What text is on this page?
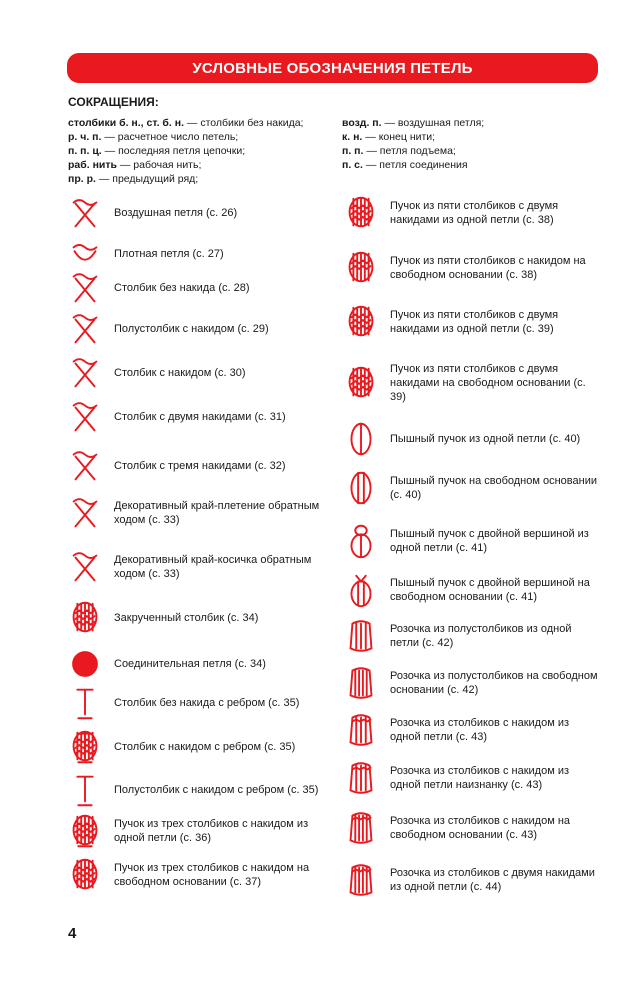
УСЛОВНЫЕ ОБОЗНАЧЕНИЯ ПЕТЕЛЬ
СОКРАЩЕНИЯ:
столбики б. н., ст. б. н. — столбики без накида;
р. ч. п. — расчетное число петель;
п. п. ц. — последняя петля цепочки;
раб. нить — рабочая нить;
пр. р. — предыдущий ряд;
возд. п. — воздушная петля;
к. н. — конец нити;
п. п. — петля подъема;
п. с. — петля соединения
Воздушная петля (с. 26)
Плотная петля (с. 27)
Столбик без накида (с. 28)
Полустолбик с накидом (с. 29)
Столбик с накидом (с. 30)
Столбик с двумя накидами (с. 31)
Столбик с тремя накидами (с. 32)
Декоративный край-плетение обратным ходом (с. 33)
Декоративный край-косичка обратным ходом (с. 33)
Закрученный столбик (с. 34)
Соединительная петля (с. 34)
Столбик без накида с ребром (с. 35)
Столбик с накидом с ребром (с. 35)
Полустолбик с накидом с ребром (с. 35)
Пучок из трех столбиков с накидом из одной петли (с. 36)
Пучок из трех столбиков с накидом на свободном основании (с. 37)
Пучок из пяти столбиков с двумя накидами из одной петли (с. 38)
Пучок из пяти столбиков с накидом на свободном основании (с. 38)
Пучок из пяти столбиков с двумя накидами из одной петли (с. 39)
Пучок из пяти столбиков с двумя накидами на свободном основании (с. 39)
Пышный пучок из одной петли (с. 40)
Пышный пучок на свободном основании (с. 40)
Пышный пучок с двойной вершиной из одной петли (с. 41)
Пышный пучок с двойной вершиной на свободном основании (с. 41)
Розочка из полустолбиков из одной петли (с. 42)
Розочка из полустолбиков на свободном основании (с. 42)
Розочка из столбиков с накидом из одной петли (с. 43)
Розочка из столбиков с накидом из одной петли наизнанку (с. 43)
Розочка из столбиков с накидом на свободном основании (с. 43)
Розочка из столбиков с двумя накидами из одной петли (с. 44)
4
